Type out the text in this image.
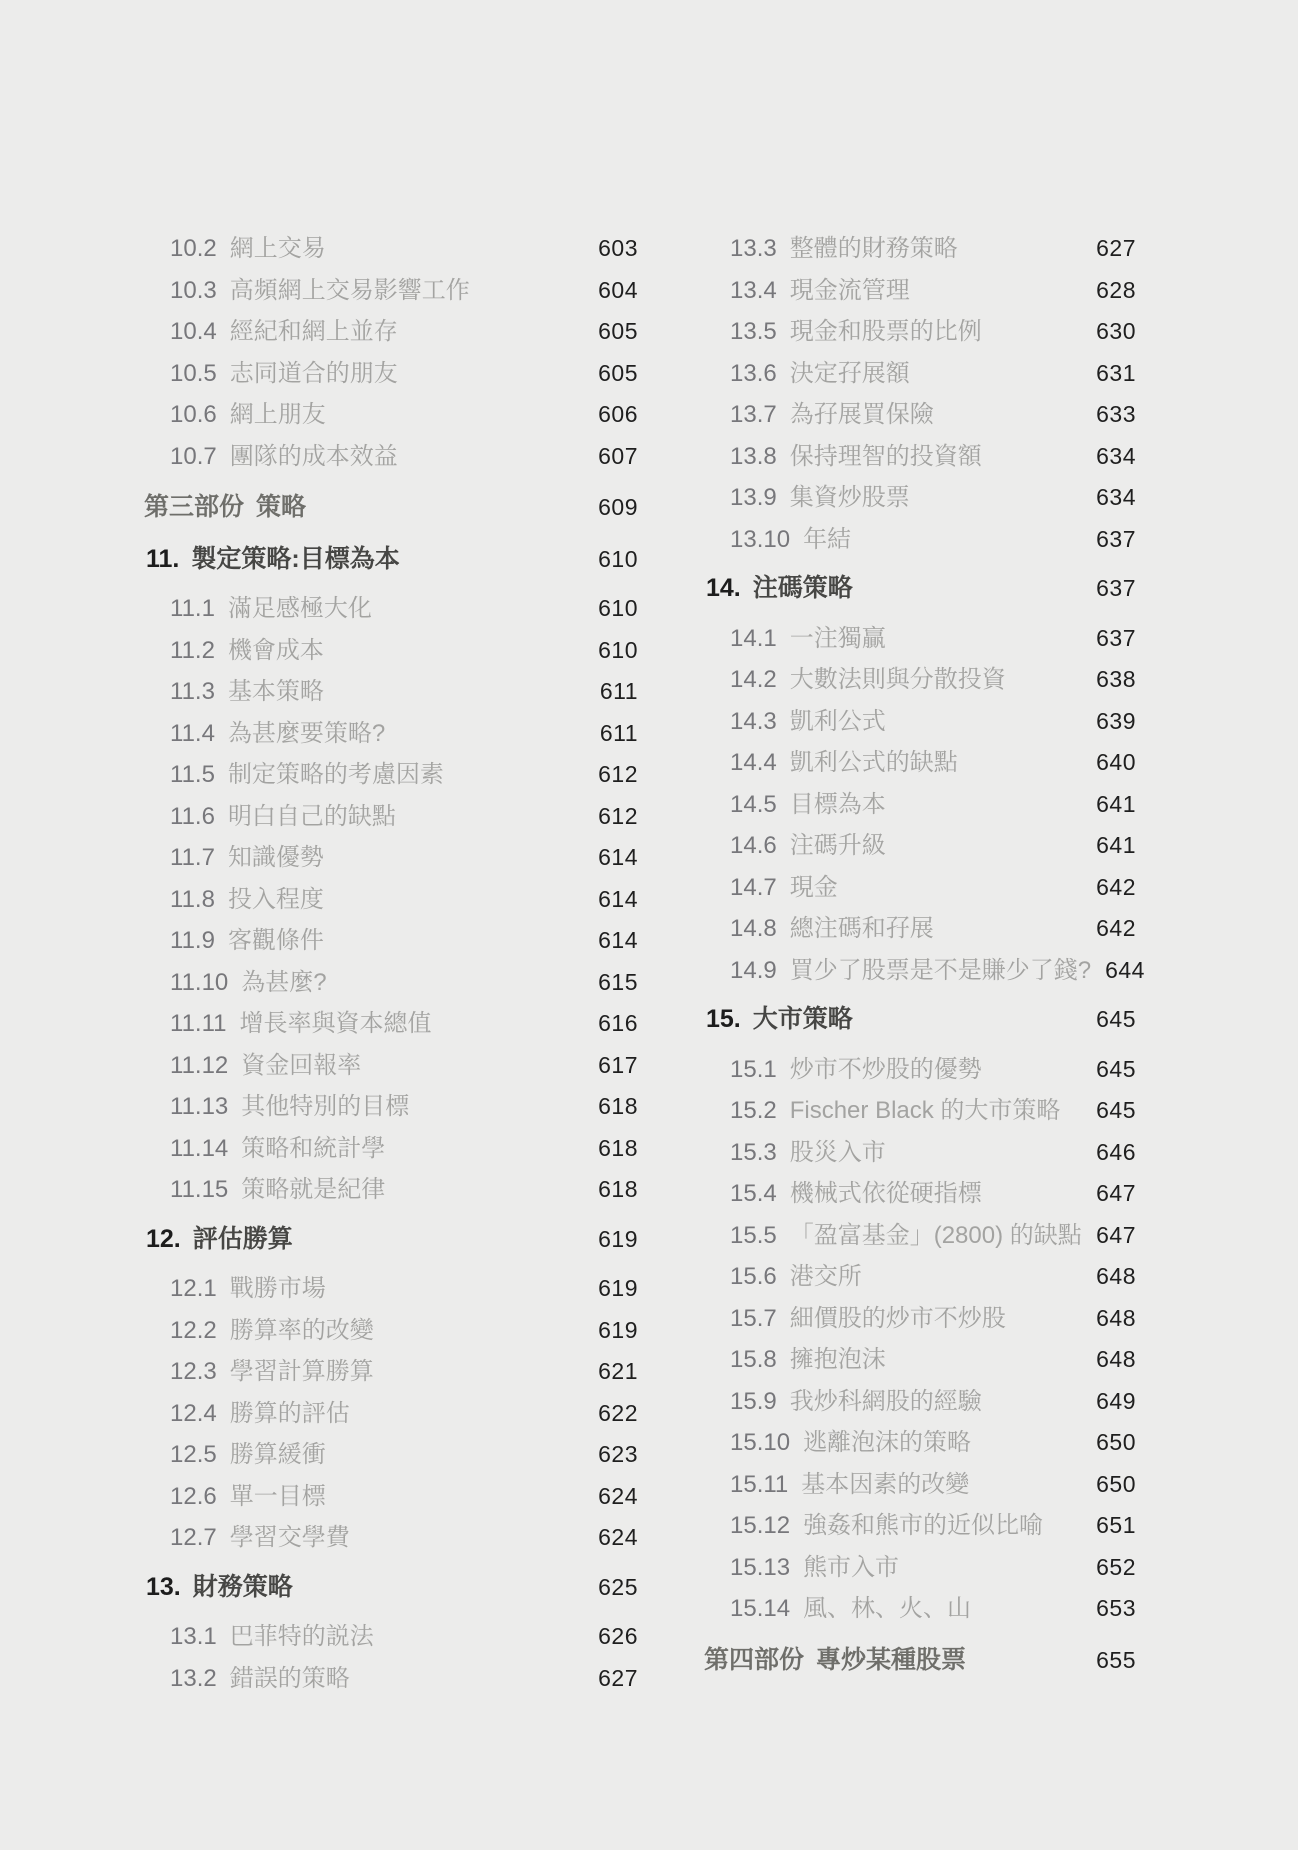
10.2 網上交易	603
10.3 高頻網上交易影響工作	604
10.4 經紀和網上並存	605
10.5 志同道合的朋友	605
10.6 網上朋友	606
10.7 團隊的成本效益	607
第三部份 策略	609
11. 製定策略:目標為本	610
11.1 滿足感極大化	610
11.2 機會成本	610
11.3 基本策略	611
11.4 為甚麼要策略?	611
11.5 制定策略的考慮因素	612
11.6 明白自己的缺點	612
11.7 知識優勢	614
11.8 投入程度	614
11.9 客觀條件	614
11.10 為甚麼?	615
11.11 增長率與資本總值	616
11.12 資金回報率	617
11.13 其他特別的目標	618
11.14 策略和統計學	618
11.15 策略就是紀律	618
12. 評估勝算	619
12.1 戰勝市場	619
12.2 勝算率的改變	619
12.3 學習計算勝算	621
12.4 勝算的評估	622
12.5 勝算緩衝	623
12.6 單一目標	624
12.7 學習交學費	624
13. 財務策略	625
13.1 巴菲特的説法	626
13.2 錯誤的策略	627
13.3 整體的財務策略	627
13.4 現金流管理	628
13.5 現金和股票的比例	630
13.6 決定孖展額	631
13.7 為孖展買保險	633
13.8 保持理智的投資額	634
13.9 集資炒股票	634
13.10 年結	637
14. 注碼策略	637
14.1 一注獨贏	637
14.2 大數法則與分散投資	638
14.3 凱利公式	639
14.4 凱利公式的缺點	640
14.5 目標為本	641
14.6 注碼升級	641
14.7 現金	642
14.8 總注碼和孖展	642
14.9 買少了股票是不是賺少了錢? 644
15. 大市策略	645
15.1 炒市不炒股的優勢	645
15.2 Fischer Black 的大市策略	645
15.3 股災入市	646
15.4 機械式依從硬指標	647
15.5 「盈富基金」(2800) 的缺點 647
15.6 港交所	648
15.7 細價股的炒市不炒股	648
15.8 擁抱泡沫	648
15.9 我炒科網股的經驗	649
15.10 逃離泡沫的策略	650
15.11 基本因素的改變	650
15.12 強姦和熊市的近似比喻	651
15.13 熊市入市	652
15.14 風、林、火、山	653
第四部份 專炒某種股票	655
